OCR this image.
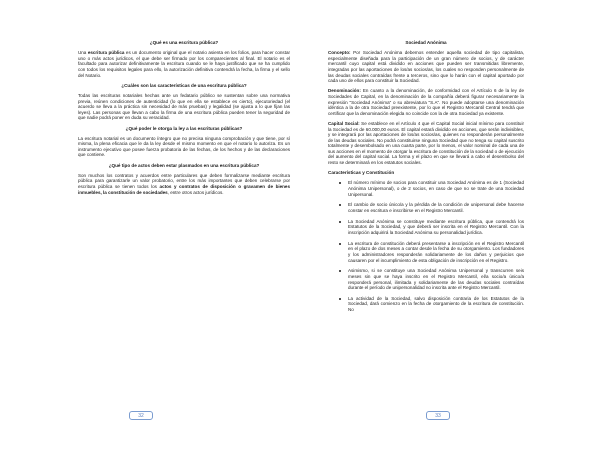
¿Qué es una escritura pública?

Una escritura pública es un documento original que el notario asienta en los folios, para hacer constar uno o más actos jurídicos, el que debe ser firmado por los comparecientes al final. El notario es el facultado para autorizar definitivamente la escritura cuando se le haya justificado que se ha cumplido con todos los requisitos legales para ello, la autorización definitiva contendrá la fecha, la firma y el sello del Notario.

¿Cuáles son las características de una escritura pública?

Todas las escrituras notariales hechas ante un fedatario público se sustentan sobre una normativa previa, reúnen condiciones de autenticidad (lo que en ella se establece es cierto), ejecutoriedad (el acuerdo se lleva a la práctica sin necesidad de más pruebas) y legalidad (se ajusta a lo que fijan las leyes). Las personas que llevan a cabo la firma de una escritura pública pueden tener la seguridad de que nadie podrá poner en duda su veracidad.

¿Qué poder le otorga la ley a las escrituras públicas?

La escritura notarial es un documento íntegro que no precisa ninguna comprobación y que tiene, por sí misma, la plena eficacia que le da la ley desde el mismo momento en que el notario lo autoriza. Es un instrumento ejecutivo que posee fuerza probatoria de las fechas, de los hechos y de las declaraciones que contiene.

¿Qué tipo de actos deben estar plasmados en una escritura pública?

Son muchos los contratos y acuerdos entre particulares que deben formalizarse mediante escritura pública para garantizarle un valor probatorio, entre los más importantes que deben celebrarse por escritura pública se tienen todos los actos y contratos de disposición o gravamen de bienes inmuebles, la constitución de sociedades, entre otros actos jurídicos.

32
Sociedad Anónima

Concepto: Por Sociedad Anónima debemos entender aquella sociedad de tipo capitalista, especialmente diseñada para la participación de un gran número de socios, y de carácter mercantil cuyo capital está dividido en acciones que pueden ser transmitidas libremente, integradas por las aportaciones de los/as socios/as, los cuales no responden personalmente de las deudas sociales contraídas frente a terceros, sino que lo harán con el capital aportado por cada uno de ellos para constituir la Sociedad.

Denominación: En cuanto a la denominación, de conformidad con el Artículo 6 de la ley de Sociedades de Capital, en la denominación de la compañía deberá figurar necesariamente la expresión "Sociedad Anónima" o su abreviatura "S.A". No puede adoptarse una denominación idéntica a la de otra Sociedad preexistente, por lo que el Registro Mercantil Central tendrá que certificar que la denominación elegida no coincide con la de otra Sociedad ya existente.

Capital Social: Se establece en el Artículo 4 que el Capital Social inicial mínimo para constituir la Sociedad es de 60.000,00 euros. El capital estará dividido en acciones, que serán indivisibles, y se integrará por las aportaciones de los/as socios/as, quienes no responderán personalmente de las deudas sociales. No podrá constituirse ninguna Sociedad que no tenga su capital suscrito totalmente y desembolsado en una cuarta parte, por lo menos, el valor nominal de cada una de sus acciones en el momento de otorgar la escritura de constitución de la sociedad o de ejecución del aumento del capital social. La forma y el plazo en que se llevará a cabo el desembolso del resto se determinará en los estatutos sociales.

Características y Constitución
El número mínimo de socios para constituir una Sociedad Anónima es de 1 (Sociedad Anónima Unipersonal), o de 2 socios, en caso de que no se trate de una Sociedad Unipersonal.
El cambio de socio único/a y la pérdida de la condición de unipersonal debe hacerse constar en escritura e inscribirse en el Registro Mercantil.
La Sociedad Anónima se constituye mediante escritura pública, que contendrá los Estatutos de la Sociedad, y que deberá ser inscrita en el Registro Mercantil. Con la inscripción adquirirá la Sociedad Anónima su personalidad jurídica.
La escritura de constitución deberá presentarse a inscripción en el Registro Mercantil en el plazo de dos meses a contar desde la fecha de su otorgamiento. Los fundadores y los administradores responderán solidariamente de los daños y perjuicios que causaren por el incumplimiento de esta obligación de inscripción en el Registro.
Asimismo, si se constituye una Sociedad Anónima Unipersonal y transcurren seis meses sin que se haya inscrito en el Registro Mercantil, el/a socio/a único/a responderá personal, ilimitada y solidariamente de las deudas sociales contraídas durante el período de unipersonalidad no inscrita ante el Registro Mercantil.
La actividad de la Sociedad, salvo disposición contraria de los Estatutos de la Sociedad, dará comienzo en la fecha de otorgamiento de la escritura de constitución. No
33
